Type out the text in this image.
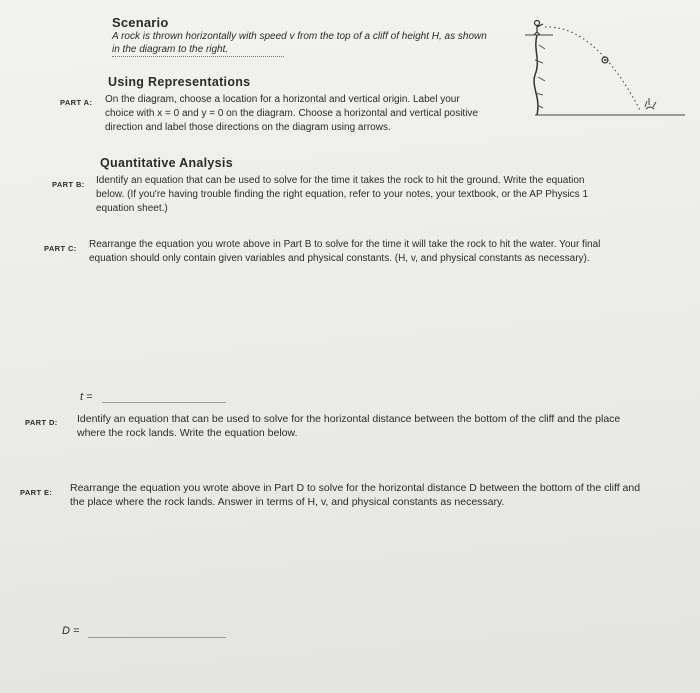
Scenario
A rock is thrown horizontally with speed v from the top of a cliff of height H, as shown in the diagram to the right.
Using Representations
PART A: On the diagram, choose a location for a horizontal and vertical origin. Label your choice with x = 0 and y = 0 on the diagram. Choose a horizontal and vertical positive direction and label those directions on the diagram using arrows.
Quantitative Analysis
PART B: Identify an equation that can be used to solve for the time it takes the rock to hit the ground. Write the equation below. (If you're having trouble finding the right equation, refer to your notes, your textbook, or the AP Physics 1 equation sheet.)
PART C: Rearrange the equation you wrote above in Part B to solve for the time it will take the rock to hit the water. Your final equation should only contain given variables and physical constants. (H, v, and physical constants as necessary).
t =
PART D: Identify an equation that can be used to solve for the horizontal distance between the bottom of the cliff and the place where the rock lands. Write the equation below.
PART E: Rearrange the equation you wrote above in Part D to solve for the horizontal distance D between the bottom of the cliff and the place where the rock lands. Answer in terms of H, v, and physical constants as necessary.
D =
